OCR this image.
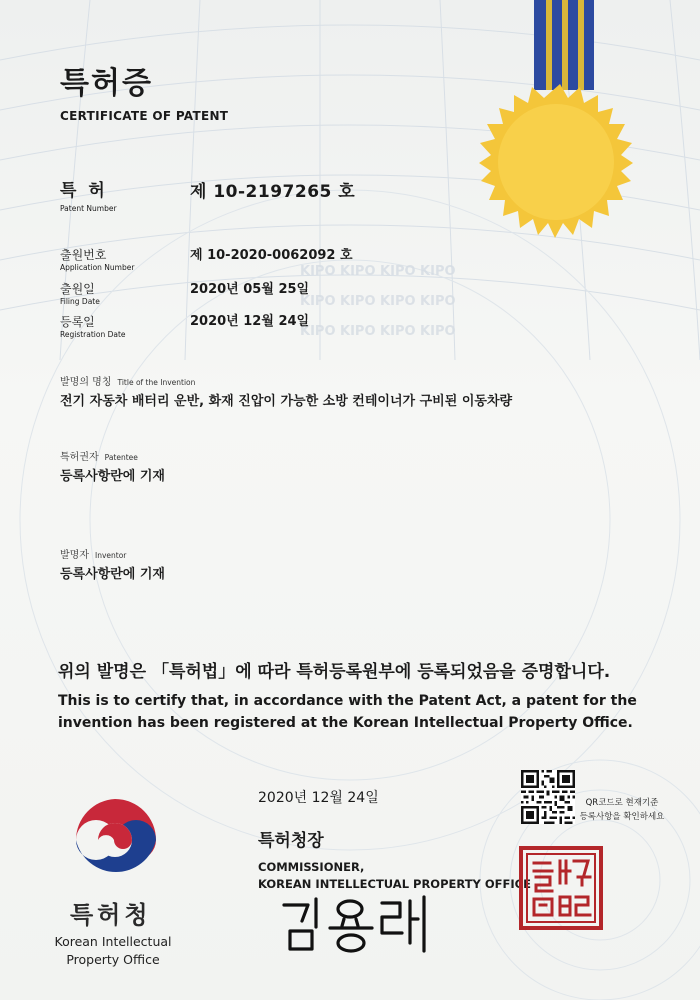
KIPO KIPO KIPO KIPO
KIPO KIPO KIPO KIPO
KIPO KIPO KIPO KIPO
특허증
CERTIFICATE OF PATENT
특 허
Patent Number
제 10-2197265 호
출원번호
Application Number
제 10-2020-0062092 호
출원일
Filing Date
2020년 05월 25일
등록일
Registration Date
2020년 12월 24일
발명의 명칭 Title of the Invention
전기 자동차 배터리 운반, 화재 진압이 가능한 소방 컨테이너가 구비된 이동차량
특허권자 Patentee
등록사항란에 기재
발명자 Inventor
등록사항란에 기재
위의 발명은 「특허법」에 따라 특허등록원부에 등록되었음을 증명합니다.
This is to certify that, in accordance with the Patent Act, a patent for the
invention has been registered at the Korean Intellectual Property Office.
2020년 12월 24일
특허청장
COMMISSIONER,
KOREAN INTELLECTUAL PROPERTY OFFICE
QR코드로 현재기준
등록사항을 확인하세요
특허청
Korean Intellectual
Property Office
